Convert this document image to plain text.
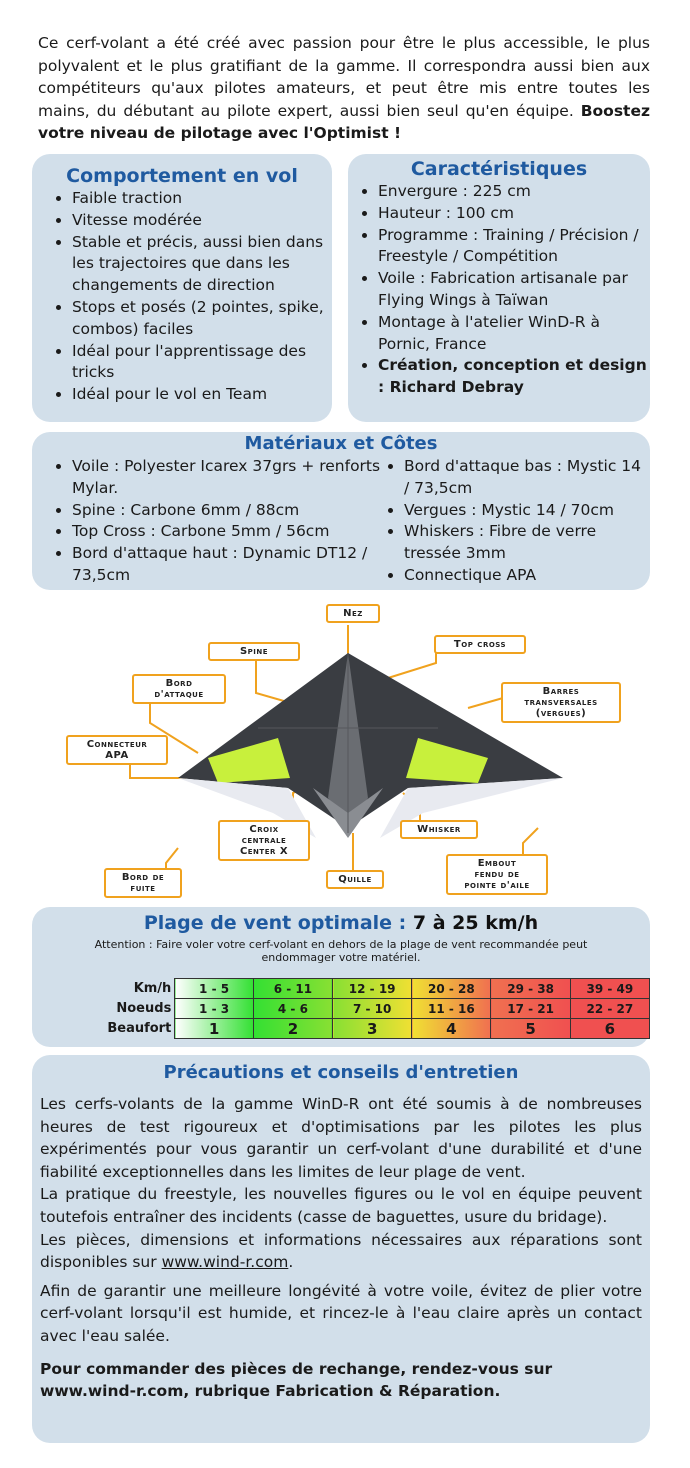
Ce cerf-volant a été créé avec passion pour être le plus accessible, le plus polyvalent et le plus gratifiant de la gamme. Il correspondra aussi bien aux compétiteurs qu'aux pilotes amateurs, et peut être mis entre toutes les mains, du débutant au pilote expert, aussi bien seul qu'en équipe. Boostez votre niveau de pilotage avec l'Optimist !
Comportement en vol
• Faible traction
• Vitesse modérée
• Stable et précis, aussi bien dans les trajectoires que dans les changements de direction
• Stops et posés (2 pointes, spike, combos) faciles
• Idéal pour l'apprentissage des tricks
• Idéal pour le vol en Team
Caractéristiques
• Envergure : 225 cm
• Hauteur : 100 cm
• Programme : Training / Précision / Freestyle / Compétition
• Voile : Fabrication artisanale par Flying Wings à Taïwan
• Montage à l'atelier WinD-R à Pornic, France
• Création, conception et design : Richard Debray
Matériaux et Côtes
• Voile : Polyester Icarex 37grs + renforts Mylar.
• Spine : Carbone 6mm / 88cm
• Top Cross : Carbone 5mm / 56cm
• Bord d'attaque haut : Dynamic DT12 / 73,5cm
• Bord d'attaque bas : Mystic 14 / 73,5cm
• Vergues : Mystic 14 / 70cm
• Whiskers : Fibre de verre tressée 3mm
• Connectique APA
Nez
Spine
Top cross
Bord
d'attaque	Barres
transversales
(vergues)
Connecteur
APA
Croix
centrale
Center X
Whisker
Bord de
fuite
Quille
Embout
fendu de
pointe d'aile
Plage de vent optimale : 7 à 25 km/h
Attention : Faire voler votre cerf-volant en dehors de la plage de vent recommandée peut endommager votre matériel.
Km/h	1 - 5	6 - 11	12 - 19	20 - 28	29 - 38	39 - 49
Noeuds	1 - 3	4 - 6	7 - 10	11 - 16	17 - 21	22 - 27
Beaufort	1	2	3	4	5	6
Précautions et conseils d'entretien
Les cerfs-volants de la gamme WinD-R ont été soumis à de nombreuses heures de test rigoureux et d'optimisations par les pilotes les plus expérimentés pour vous garantir un cerf-volant d'une durabilité et d'une fiabilité exceptionnelles dans les limites de leur plage de vent.
La pratique du freestyle, les nouvelles figures ou le vol en équipe peuvent toutefois entraîner des incidents (casse de baguettes, usure du bridage).

Les pièces, dimensions et informations nécessaires aux réparations sont disponibles sur www.wind-r.com.

Afin de garantir une meilleure longévité à votre voile, évitez de plier votre cerf-volant lorsqu'il est humide, et rincez-le à l'eau claire après un contact avec l'eau salée.

Pour commander des pièces de rechange, rendez-vous sur www.wind-r.com, rubrique Fabrication & Réparation.
